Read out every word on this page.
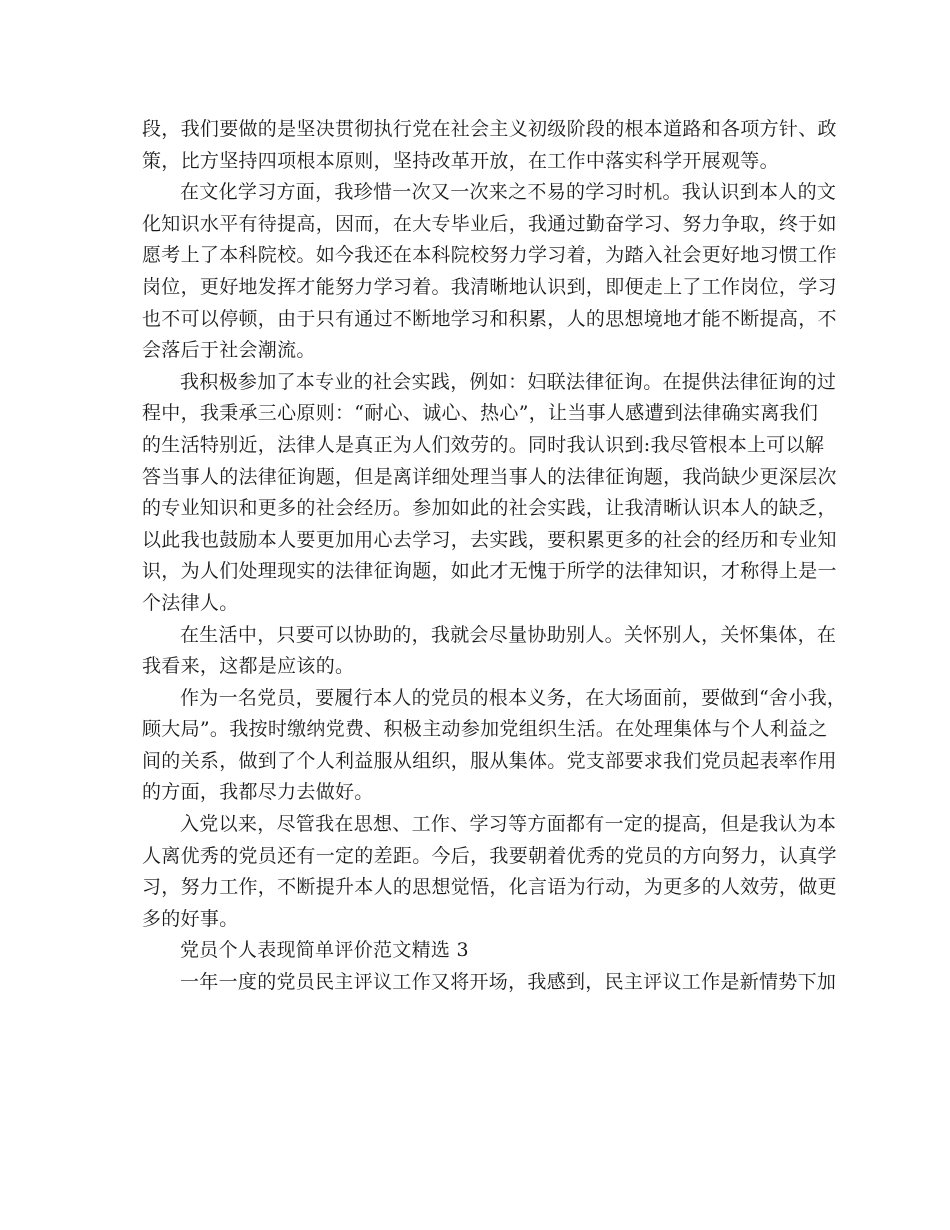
段，我们要做的是坚决贯彻执行党在社会主义初级阶段的根本道路和各项方针、政
策，比方坚持四项根本原则，坚持改革开放，在工作中落实科学开展观等。
在文化学习方面，我珍惜一次又一次来之不易的学习时机。我认识到本人的文
化知识水平有待提高，因而，在大专毕业后，我通过勤奋学习、努力争取，终于如
愿考上了本科院校。如今我还在本科院校努力学习着，为踏入社会更好地习惯工作
岗位，更好地发挥才能努力学习着。我清晰地认识到，即便走上了工作岗位，学习
也不可以停顿，由于只有通过不断地学习和积累，人的思想境地才能不断提高，不
会落后于社会潮流。
我积极参加了本专业的社会实践，例如：妇联法律征询。在提供法律征询的过
程中，我秉承三心原则：“耐心、诚心、热心”，让当事人感遭到法律确实离我们
的生活特别近，法律人是真正为人们效劳的。同时我认识到:我尽管根本上可以解
答当事人的法律征询题，但是离详细处理当事人的法律征询题，我尚缺少更深层次
的专业知识和更多的社会经历。参加如此的社会实践，让我清晰认识本人的缺乏，
以此我也鼓励本人要更加用心去学习，去实践，要积累更多的社会的经历和专业知
识，为人们处理现实的法律征询题，如此才无愧于所学的法律知识，才称得上是一
个法律人。
在生活中，只要可以协助的，我就会尽量协助别人。关怀别人，关怀集体，在
我看来，这都是应该的。
作为一名党员，要履行本人的党员的根本义务，在大场面前，要做到“舍小我，
顾大局”。我按时缴纳党费、积极主动参加党组织生活。在处理集体与个人利益之
间的关系，做到了个人利益服从组织，服从集体。党支部要求我们党员起表率作用
的方面，我都尽力去做好。
入党以来，尽管我在思想、工作、学习等方面都有一定的提高，但是我认为本
人离优秀的党员还有一定的差距。今后，我要朝着优秀的党员的方向努力，认真学
习，努力工作，不断提升本人的思想觉悟，化言语为行动，为更多的人效劳，做更
多的好事。
党员个人表现简单评价范文精选 3
一年一度的党员民主评议工作又将开场，我感到，民主评议工作是新情势下加
